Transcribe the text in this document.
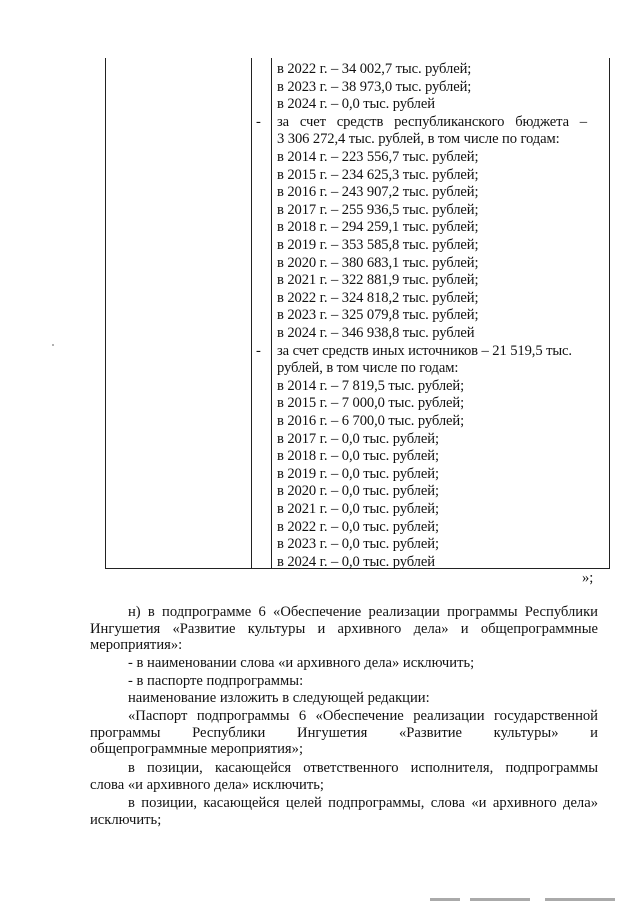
в 2022 г. – 34 002,7 тыс. рублей;
в 2023 г. – 38 973,0 тыс. рублей;
в 2024 г. – 0,0 тыс. рублей
- за счет средств республиканского бюджета –
3 306 272,4 тыс. рублей, в том числе по годам:
в 2014 г. – 223 556,7 тыс. рублей;
в 2015 г. – 234 625,3 тыс. рублей;
в 2016 г. – 243 907,2 тыс. рублей;
в 2017 г. – 255 936,5 тыс. рублей;
в 2018 г. – 294 259,1 тыс. рублей;
в 2019 г. – 353 585,8 тыс. рублей;
в 2020 г. – 380 683,1 тыс. рублей;
в 2021 г. – 322 881,9 тыс. рублей;
в 2022 г. – 324 818,2 тыс. рублей;
в 2023 г. – 325 079,8 тыс. рублей;
в 2024 г. – 346 938,8 тыс. рублей
- за счет средств иных источников – 21 519,5 тыс.
рублей, в том числе по годам:
в 2014 г. – 7 819,5 тыс. рублей;
в 2015 г. – 7 000,0 тыс. рублей;
в 2016 г. – 6 700,0 тыс. рублей;
в 2017 г. – 0,0 тыс. рублей;
в 2018 г. – 0,0 тыс. рублей;
в 2019 г. – 0,0 тыс. рублей;
в 2020 г. – 0,0 тыс. рублей;
в 2021 г. – 0,0 тыс. рублей;
в 2022 г. – 0,0 тыс. рублей;
в 2023 г. – 0,0 тыс. рублей;
в 2024 г. – 0,0 тыс. рублей
»;
н) в подпрограмме 6 «Обеспечение реализации программы Республики
Ингушетия «Развитие культуры и архивного дела» и общепрограммные
мероприятия»:
- в наименовании слова «и архивного дела» исключить;
- в паспорте подпрограммы:
наименование изложить в следующей редакции:
«Паспорт подпрограммы 6 «Обеспечение реализации государственной
программы Республики Ингушетия «Развитие культуры» и
общепрограммные мероприятия»;
в позиции, касающейся ответственного исполнителя, подпрограммы
слова «и архивного дела» исключить;
в позиции, касающейся целей подпрограммы, слова «и архивного дела»
исключить;
